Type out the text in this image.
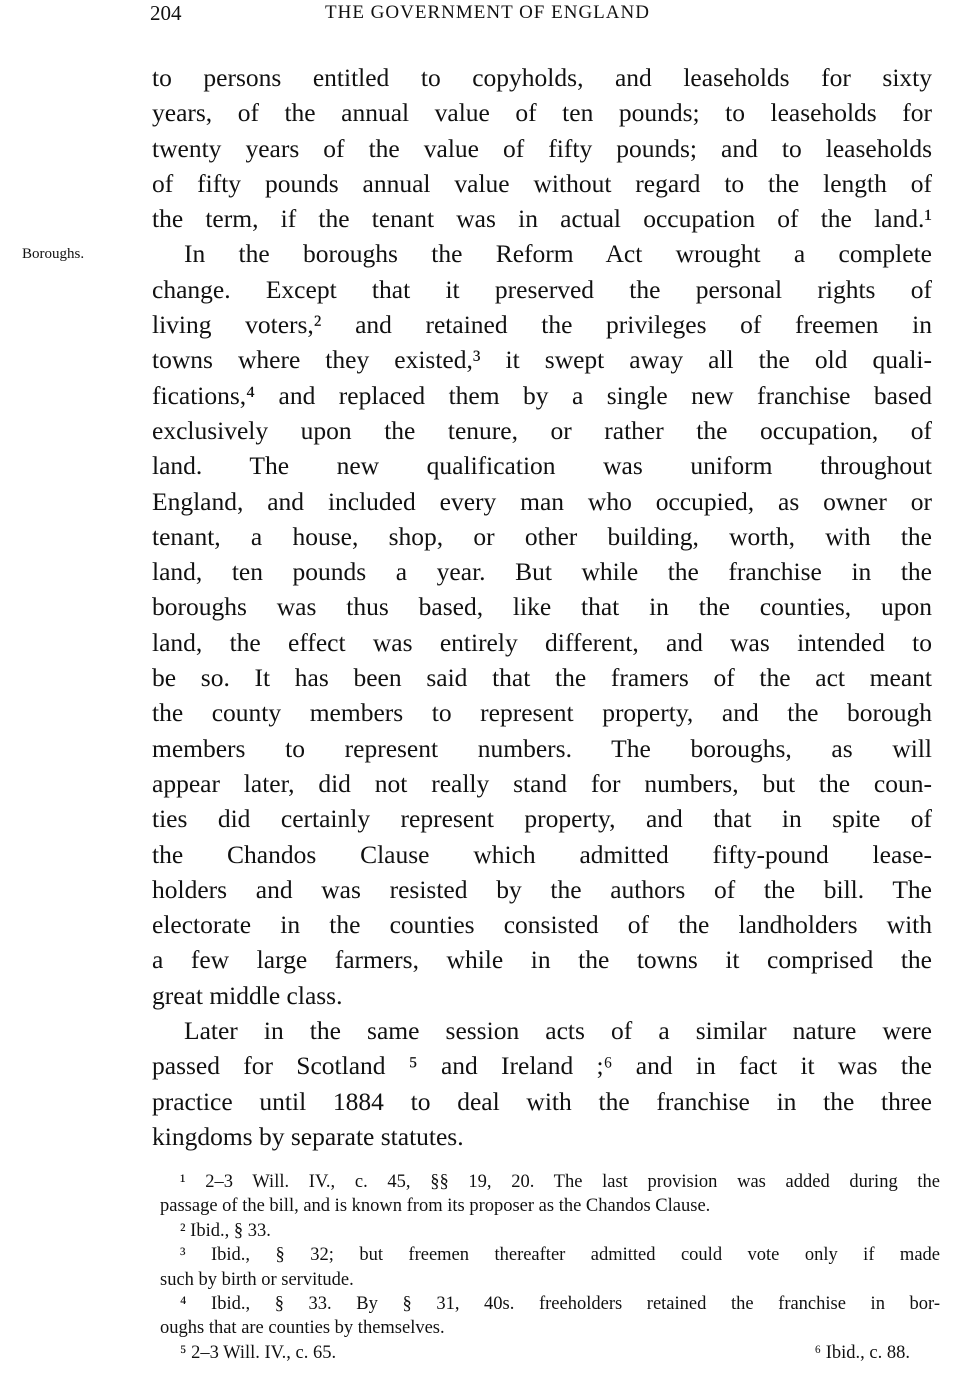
204	THE GOVERNMENT OF ENGLAND
Boroughs.
to persons entitled to copyholds, and leaseholds for sixty
years, of the annual value of ten pounds; to leaseholds for
twenty years of the value of fifty pounds; and to leaseholds
of fifty pounds annual value without regard to the length of
the term, if the tenant was in actual occupation of the land.¹
In the boroughs the Reform Act wrought a complete
change. Except that it preserved the personal rights of
living voters,² and retained the privileges of freemen in
towns where they existed,³ it swept away all the old quali-
fications,⁴ and replaced them by a single new franchise based
exclusively upon the tenure, or rather the occupation, of
land. The new qualification was uniform throughout
England, and included every man who occupied, as owner or
tenant, a house, shop, or other building, worth, with the
land, ten pounds a year. But while the franchise in the
boroughs was thus based, like that in the counties, upon
land, the effect was entirely different, and was intended to
be so. It has been said that the framers of the act meant
the county members to represent property, and the borough
members to represent numbers. The boroughs, as will
appear later, did not really stand for numbers, but the coun-
ties did certainly represent property, and that in spite of
the Chandos Clause which admitted fifty-pound lease-
holders and was resisted by the authors of the bill. The
electorate in the counties consisted of the landholders with
a few large farmers, while in the towns it comprised the
great middle class.
Later in the same session acts of a similar nature were
passed for Scotland ⁵ and Ireland ;⁶ and in fact it was the
practice until 1884 to deal with the franchise in the three
kingdoms by separate statutes.
¹ 2–3 Will. IV., c. 45, §§ 19, 20. The last provision was added during the
passage of the bill, and is known from its proposer as the Chandos Clause.
² Ibid., § 33.
³ Ibid., § 32; but freemen thereafter admitted could vote only if made
such by birth or servitude.
⁴ Ibid., § 33. By § 31, 40s. freeholders retained the franchise in bor-
oughs that are counties by themselves.
⁵ 2–3 Will. IV., c. 65.	⁶ Ibid., c. 88.
